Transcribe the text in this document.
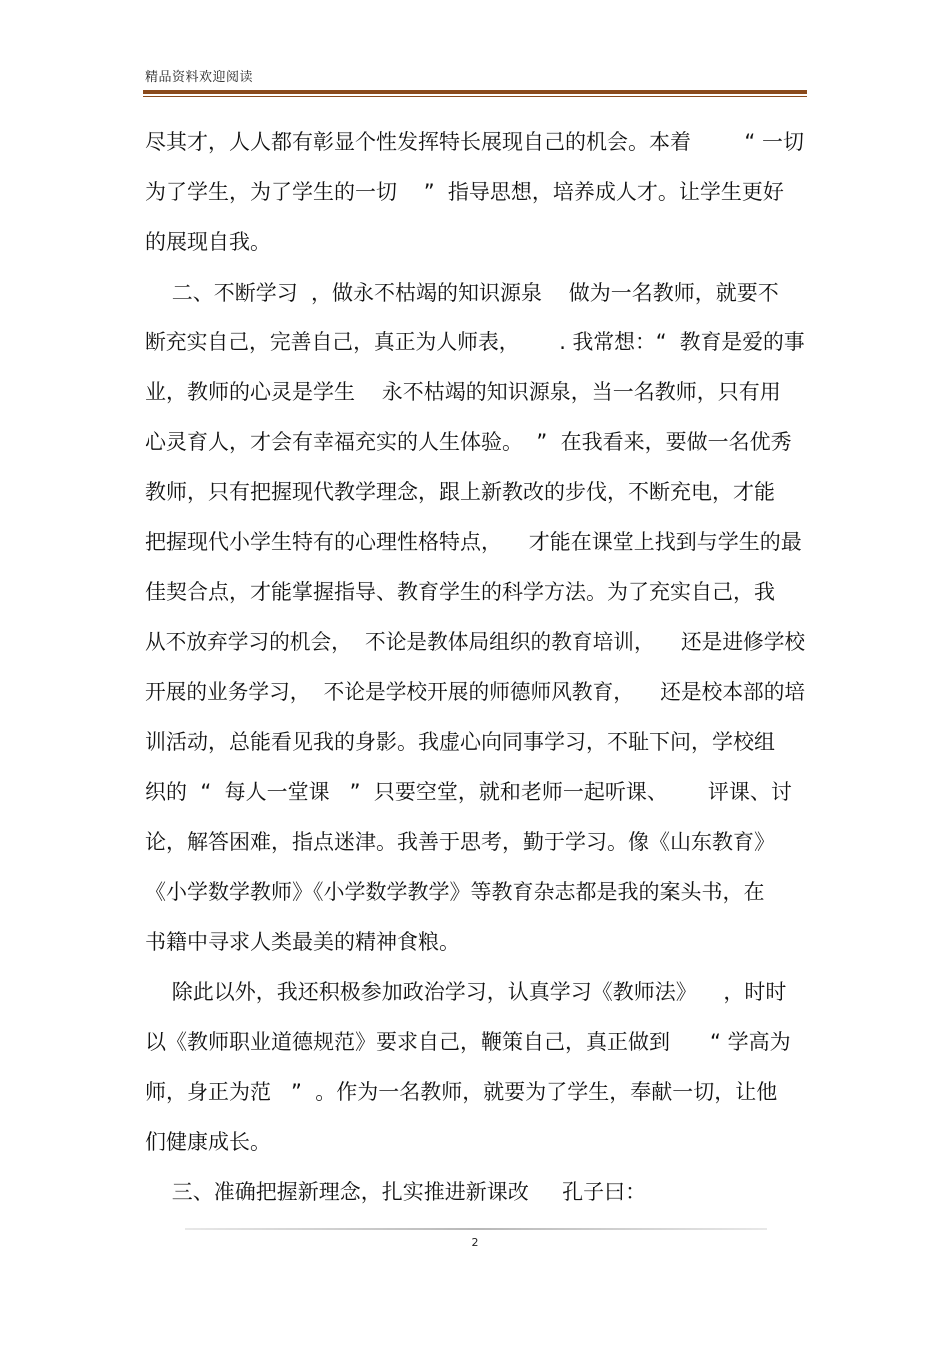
精品资料欢迎阅读
尽其才，人人都有彰显个性发挥特长展现自己的机会。本着        “ 一切
为了学生，为了学生的一切    ”  指导思想，培养成人才。让学生更好
的展现自我。
二、不断学习  ，做永不枯竭的知识源泉    做为一名教师，就要不
断充实自己，完善自己，真正为人师表，      . 我常想：“  教育是爱的事
业，教师的心灵是学生    永不枯竭的知识源泉，当一名教师，只有用
心灵育人，才会有幸福充实的人生体验。  ”  在我看来，要做一名优秀
教师，只有把握现代教学理念，跟上新教改的步伐，不断充电，才能
把握现代小学生特有的心理性格特点，    才能在课堂上找到与学生的最
佳契合点，才能掌握指导、教育学生的科学方法。为了充实自己，我
从不放弃学习的机会，  不论是教体局组织的教育培训，    还是进修学校
开展的业务学习，  不论是学校开展的师德师风教育，    还是校本部的培
训活动，总能看见我的身影。我虚心向同事学习，不耻下问，学校组
织的  “  每人一堂课   ”  只要空堂，就和老师一起听课、      评课、讨
论，解答困难，指点迷津。我善于思考，勤于学习。像《山东教育》
《小学数学教师》《小学数学教学》等教育杂志都是我的案头书，在
书籍中寻求人类最美的精神食粮。
除此以外，我还积极参加政治学习，认真学习《教师法》    ，时时
以《教师职业道德规范》要求自己，鞭策自己，真正做到      “ 学高为
师，身正为范   ”  。作为一名教师，就要为了学生，奉献一切，让他
们健康成长。
三、准确把握新理念，扎实推进新课改     孔子曰：
2
